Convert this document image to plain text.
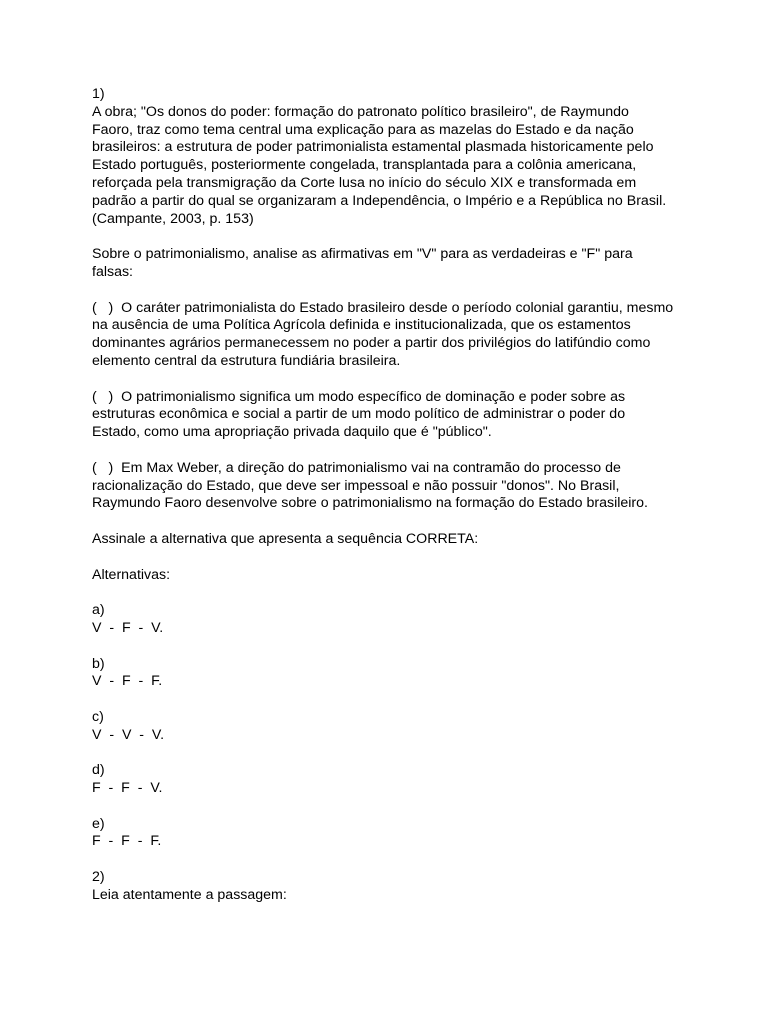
1)
A obra; "Os donos do poder: formação do patronato político brasileiro", de Raymundo
Faoro, traz como tema central uma explicação para as mazelas do Estado e da nação
brasileiros: a estrutura de poder patrimonialista estamental plasmada historicamente pelo
Estado português, posteriormente congelada, transplantada para a colônia americana,
reforçada pela transmigração da Corte lusa no início do século XIX e transformada em
padrão a partir do qual se organizaram a Independência, o Império e a República no Brasil.
(Campante, 2003, p. 153)
Sobre o patrimonialismo, analise as afirmativas em "V" para as verdadeiras e "F" para
falsas:
(   )  O caráter patrimonialista do Estado brasileiro desde o período colonial garantiu, mesmo
na ausência de uma Política Agrícola definida e institucionalizada, que os estamentos
dominantes agrários permanecessem no poder a partir dos privilégios do latifúndio como
elemento central da estrutura fundiária brasileira.
(   )  O patrimonialismo significa um modo específico de dominação e poder sobre as
estruturas econômica e social a partir de um modo político de administrar o poder do
Estado, como uma apropriação privada daquilo que é "público".
(   )  Em Max Weber, a direção do patrimonialismo vai na contramão do processo de
racionalização do Estado, que deve ser impessoal e não possuir "donos". No Brasil,
Raymundo Faoro desenvolve sobre o patrimonialismo na formação do Estado brasileiro.
Assinale a alternativa que apresenta a sequência CORRETA:
Alternativas:
a)
V  -  F  -  V.
b)
V  -  F  -  F.
c)
V  -  V  -  V.
d)
F  -  F  -  V.
e)
F  -  F  -  F.
2)
Leia atentamente a passagem:
